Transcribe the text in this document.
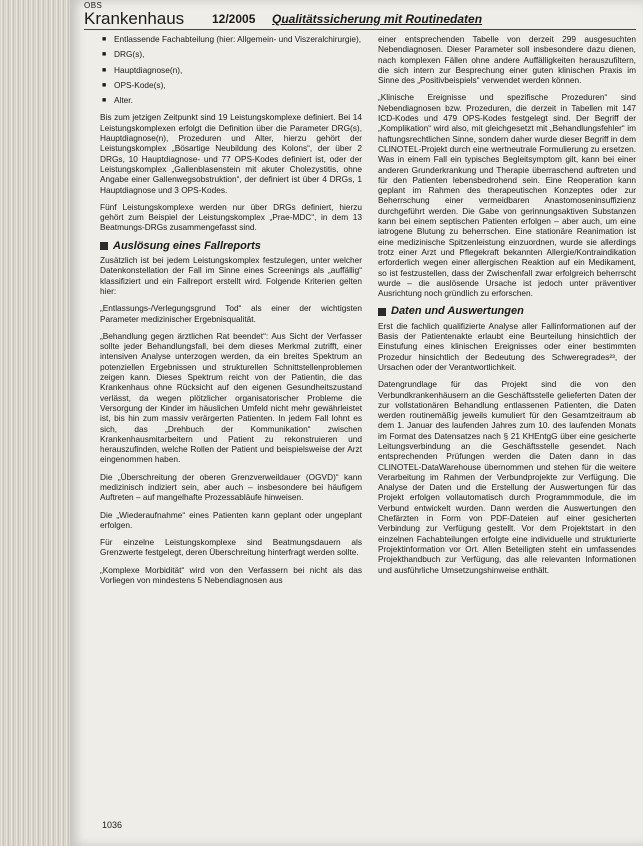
OBS
Krankenhaus 12/2005 Qualitätssicherung mit Routinedaten
■ Entlassende Fachabteilung (hier: Allgemein- und Viszeralchirurgie),
■ DRG(s),
■ Hauptdiagnose(n),
■ OPS-Kode(s),
■ Alter.

Bis zum jetzigen Zeitpunkt sind 19 Leistungskomplexe definiert. Bei 14 Leistungskomplexen erfolgt die Definition über die Parameter DRG(s), Hauptdiagnose(n), Prozeduren und Alter, hierzu gehört der Leistungskomplex „Bösartige Neubildung des Kolons“, der über 2 DRGs, 10 Hauptdiagnose- und 77 OPS-Kodes definiert ist, oder der Leistungskomplex „Gallenblasenstein mit akuter Cholezystitis, ohne Angabe einer Gallenwegsobstruktion“, der definiert ist über 4 DRGs, 1 Hauptdiagnose und 3 OPS-Kodes.

Fünf Leistungskomplexe werden nur über DRGs definiert, hierzu gehört zum Beispiel der Leistungskomplex „Prae-MDC“, in dem 13 Beatmungs-DRGs zusammengefasst sind.

Auslösung eines Fallreports

Zusätzlich ist bei jedem Leistungskomplex festzulegen, unter welcher Datenkonstellation der Fall im Sinne eines Screenings als „auffällig“ klassifiziert und ein Fallreport erstellt wird. Folgende Kriterien gelten hier:

„Entlassungs-/Verlegungsgrund Tod“ als einer der wichtigsten Parameter medizinischer Ergebnisqualität.

„Behandlung gegen ärztlichen Rat beendet“: Aus Sicht der Verfasser sollte jeder Behandlungsfall, bei dem dieses Merkmal zutrifft, einer intensiven Analyse unterzogen werden, da ein breites Spektrum an potenziellen Ergebnissen und strukturellen Schnittstellenproblemen zeigen kann. Dieses Spektrum reicht von der Patientin, die das Krankenhaus ohne Rücksicht auf den eigenen Gesundheitszustand verlässt, da wegen plötzlicher organisatorischer Probleme die Versorgung der Kinder im häuslichen Umfeld nicht mehr gewährleistet ist, bis hin zum massiv verärgerten Patienten. In jedem Fall lohnt es sich, das „Drehbuch der Kommunikation“ zwischen Krankenhausmitarbeitern und Patient zu rekonstruieren und herauszufinden, welche Rollen der Patient und beispielsweise der Arzt eingenommen haben.

Die „Überschreitung der oberen Grenzverweildauer (OGVD)“ kann medizinisch indiziert sein, aber auch – insbesondere bei häufigem Auftreten – auf mangelhafte Prozessabläufe hinweisen.

Die „Wiederaufnahme“ eines Patienten kann geplant oder ungeplant erfolgen.

Für einzelne Leistungskomplexe sind Beatmungsdauern als Grenzwerte festgelegt, deren Überschreitung hinterfragt werden sollte.

„Komplexe Morbidität“ wird von den Verfassern bei nicht als das Vorliegen von mindestens 5 Nebendiagnosen aus

einer entsprechenden Tabelle von derzeit 299 ausgesuchten Nebendiagnosen. Dieser Parameter soll insbesondere dazu dienen, nach komplexen Fällen ohne andere Auffälligkeiten herauszufiltern, die sich intern zur Besprechung einer guten klinischen Praxis im Sinne des „Positivbeispiels“ verwendet werden können.

„Klinische Ereignisse und spezifische Prozeduren“ sind Nebendiagnosen bzw. Prozeduren, die derzeit in Tabellen mit 147 ICD-Kodes und 479 OPS-Kodes festgelegt sind. Der Begriff der „Komplikation“ wird also, mit gleichgesetzt mit „Behandlungsfehler“ im haftungsrechtlichen Sinne, sondern daher wurde dieser Begriff in dem CLINOTEL-Projekt durch eine wertneutrale Formulierung zu ersetzen. Was in einem Fall ein typisches Begleitsymptom gilt, kann bei einer anderen Grunderkrankung und Therapie überraschend auftreten und für den Patienten lebensbedrohend sein. Eine Reoperation kann geplant im Rahmen des therapeutischen Konzeptes oder zur Beherrschung einer vermeidbaren Anastomoseninsuffizienz durchgeführt werden. Die Gabe von gerinnungsaktiven Substanzen kann bei einem septischen Patienten erfolgen – aber auch, um eine iatrogene Blutung zu beherrschen. Eine stationäre Reanimation ist eine medizinische Spitzenleistung einzuordnen, wurde sie allerdings trotz einer Arzt und Pflegekraft bekannten Allergie/Kontraindikation erforderlich wegen einer allergischen Reaktion auf ein Medikament, so ist festzustellen, dass der Zwischenfall zwar erfolgreich beherrscht wurde – die auslösende Ursache ist jedoch unter präventiver Ausrichtung noch gründlich zu erforschen.

Daten und Auswertungen

Erst die fachlich qualifizierte Analyse aller Fallinformationen auf der Basis der Patientenakte erlaubt eine Beurteilung hinsichtlich der Einstufung eines klinischen Ereignisses oder einer bestimmten Prozedur hinsichtlich der Bedeutung des Schweregrades²³, der Ursachen oder der Verantwortlichkeit.

Datengrundlage für das Projekt sind die von den Verbundkrankenhäusern an die Geschäftsstelle gelieferten Daten der zur vollstationären Behandlung entlassenen Patienten, die Daten werden routinemäßig jeweils kumuliert für den Gesamtzeitraum ab dem 1. Januar des laufenden Jahres zum 10. des laufenden Monats im Format des Datensatzes nach § 21 KHEntgG über eine gesicherte Leitungsverbindung an die Geschäftsstelle gesendet. Nach entsprechenden Prüfungen werden die Daten dann in das CLINOTEL-DataWarehouse übernommen und stehen für die weitere Verarbeitung im Rahmen der Verbundprojekte zur Verfügung. Die Analyse der Daten und die Erstellung der Auswertungen für das Projekt erfolgen vollautomatisch durch Programmmodule, die im Verbund entwickelt wurden. Dann werden die Auswertungen den Chefärzten in Form von PDF-Dateien auf einer gesicherten Verbindung zur Verfügung gestellt. Vor dem Projektstart in den einzelnen Fachabteilungen erfolgte eine individuelle und strukturierte Projektinformation vor Ort. Allen Beteiligten steht ein umfassendes Projekthandbuch zur Verfügung, das alle relevanten Informationen und ausführliche Umsetzungshinweise enthält.

1036
